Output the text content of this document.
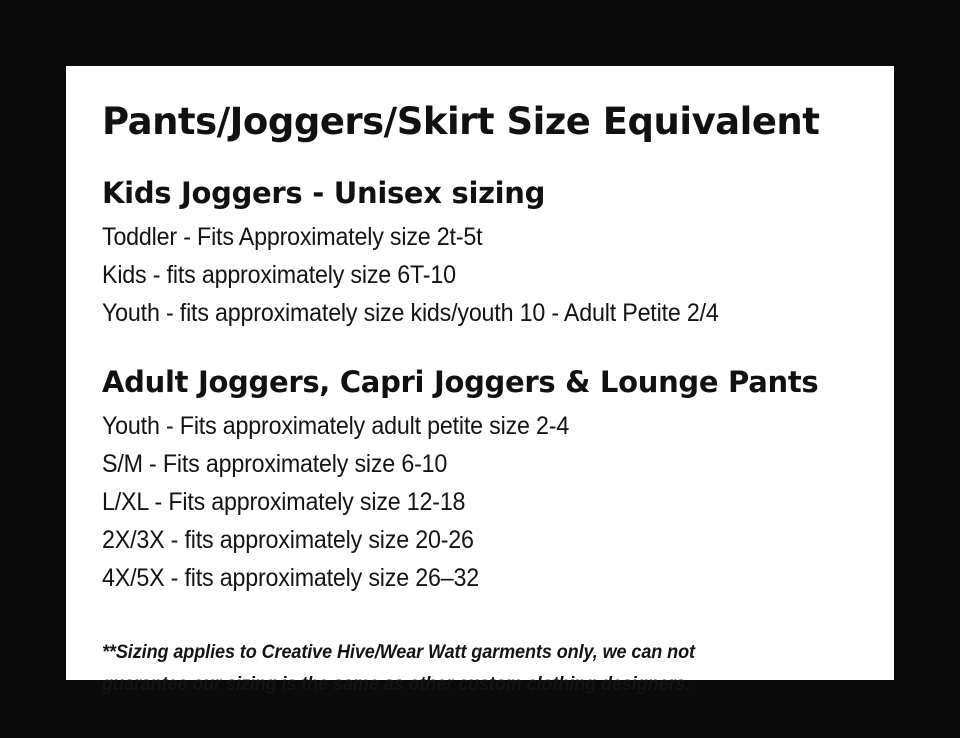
Pants/Joggers/Skirt Size Equivalent
Kids Joggers - Unisex sizing
Toddler - Fits Approximately size 2t-5t
Kids - fits approximately size 6T-10
Youth - fits approximately size kids/youth 10 - Adult Petite 2/4
Adult Joggers, Capri Joggers & Lounge Pants
Youth - Fits approximately adult petite size 2-4
S/M - Fits approximately size 6-10
L/XL - Fits approximately size 12-18
2X/3X - fits approximately size 20-26
4X/5X - fits approximately size 26–32
**Sizing applies to Creative Hive/Wear Watt garments only, we can not
guarantee our sizing is the same as other custom clothing designers.
